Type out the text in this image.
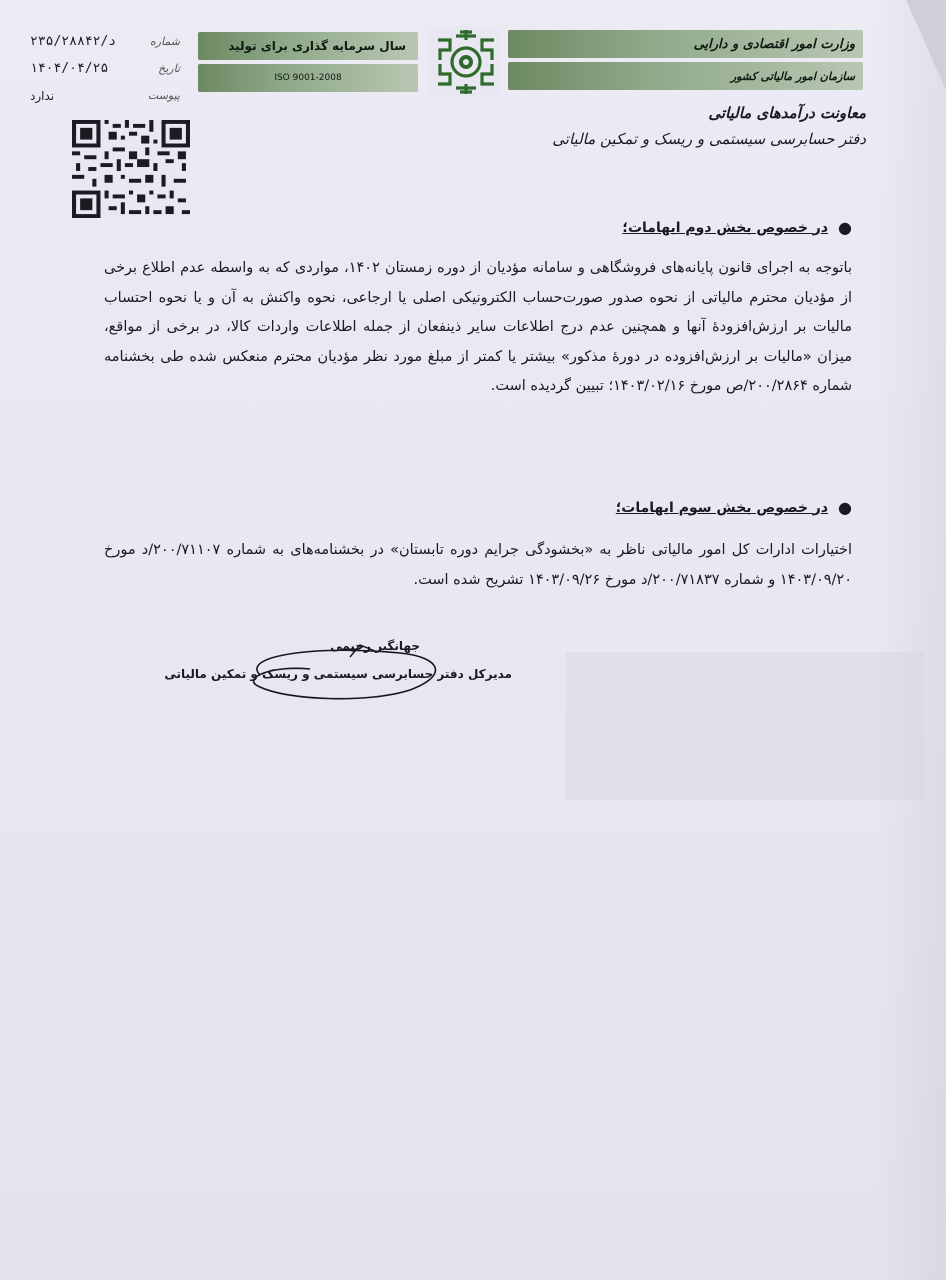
۲۳۵/۲۸۸۴۲/د	شماره
۱۴۰۴/۰۴/۲۵	تاریخ
ندارد	پیوست
سال سرمایه گذاری برای تولید
ISO 9001-2008
وزارت امور اقتصادی و دارایی
سازمان امور مالیاتی کشور
معاونت درآمدهای مالیاتی
دفتر حسابرسی سیستمی و ریسک و تمکین مالیاتی
●
در خصوص بخش دوم ابهامات؛
باتوجه به اجرای قانون پایانه‌های فروشگاهی و سامانه مؤدیان از دوره زمستان ۱۴۰۲، مواردی که به واسطه عدم اطلاع برخی از مؤدیان محترم مالیاتی از نحوه صدور صورت‌حساب الکترونیکی اصلی یا ارجاعی، نحوه واکنش به آن و یا نحوه احتساب مالیات بر ارزش‌افزودهٔ آنها و همچنین عدم درج اطلاعات سایر ذینفعان از جمله اطلاعات واردات کالا، در برخی از مواقع، میزان «مالیات بر ارزش‌افزوده در دورهٔ مذکور» بیشتر یا کمتر از مبلغ مورد نظر مؤدیان محترم منعکس شده طی بخشنامه شماره ۲۰۰/۲۸۶۴/ص مورخ ۱۴۰۳/۰۲/۱۶؛ تبیین گردیده است.
●
در خصوص بخش سوم ابهامات؛
اختیارات ادارات کل امور مالیاتی ناظر به «بخشودگی جرایم دوره تابستان» در بخشنامه‌های به شماره ۲۰۰/۷۱۱۰۷/د مورخ ۱۴۰۳/۰۹/۲۰ و شماره ۲۰۰/۷۱۸۳۷/د مورخ ۱۴۰۳/۰۹/۲۶ تشریح شده است.
جهانگیر رحیمی
مدیرکل دفتر حسابرسی سیستمی و ریسک و تمکین مالیاتی
